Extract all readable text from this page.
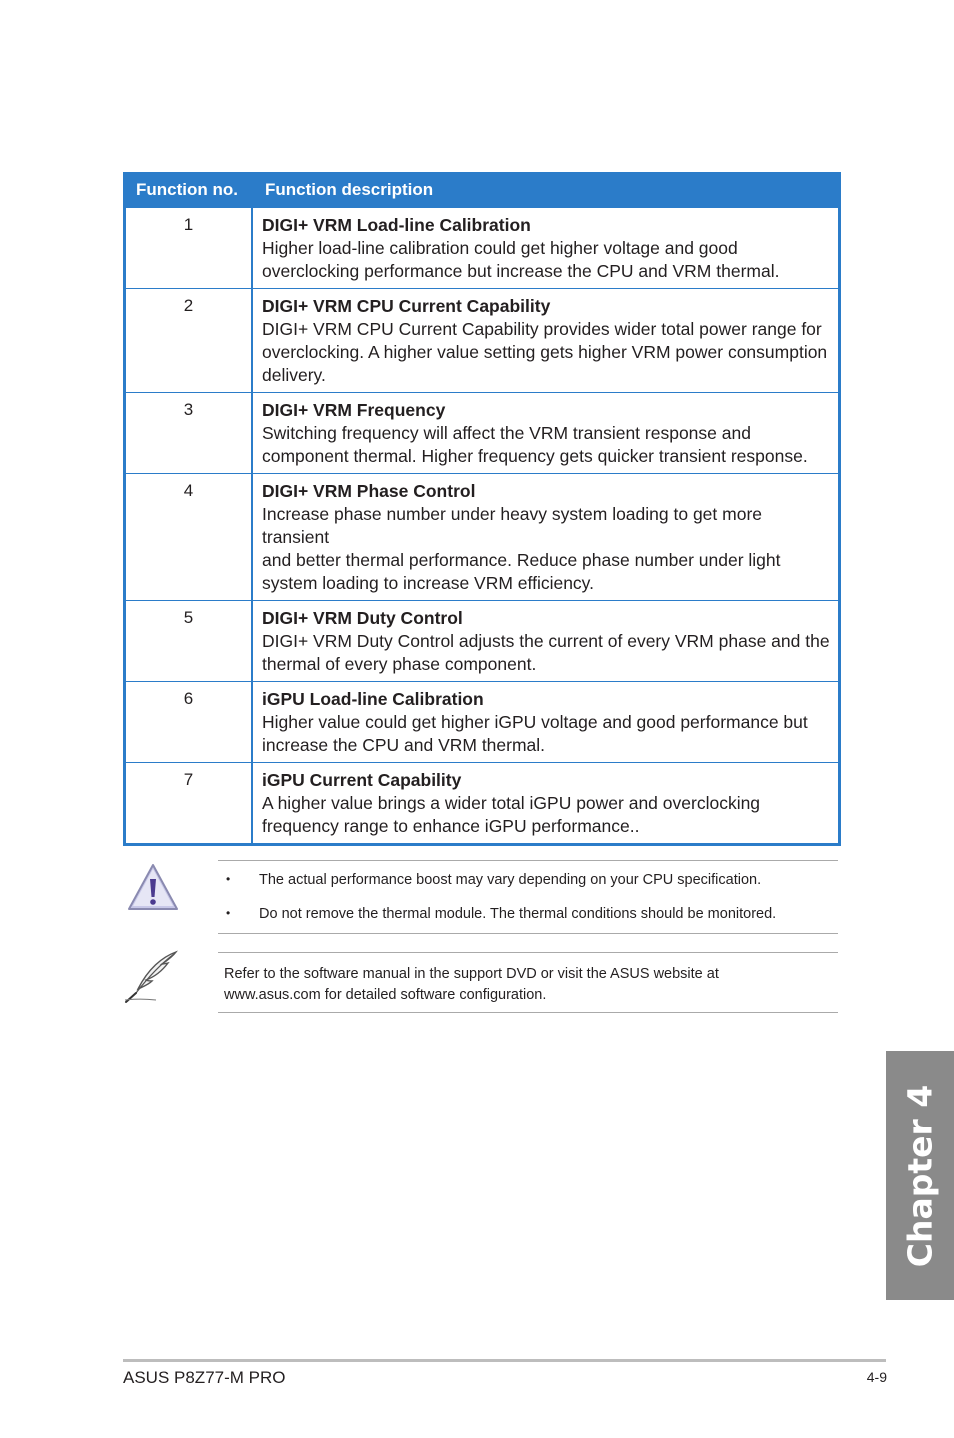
Function no.	Function description
1	DIGI+ VRM Load-line Calibration
Higher load-line calibration could get higher voltage and good
overclocking performance but increase the CPU and VRM thermal.
2	DIGI+ VRM CPU Current Capability
DIGI+ VRM CPU Current Capability provides wider total power range for
overclocking. A higher value setting gets higher VRM power consumption
delivery.
3	DIGI+ VRM Frequency
Switching frequency will affect the VRM transient response and
component thermal. Higher frequency gets quicker transient response.
4	DIGI+ VRM Phase Control
Increase phase number under heavy system loading to get more transient
and better thermal performance. Reduce phase number under light
system loading to increase VRM efficiency.
5	DIGI+ VRM Duty Control
DIGI+ VRM Duty Control adjusts the current of every VRM phase and the
thermal of every phase component.
6	iGPU Load-line Calibration
Higher value could get higher iGPU voltage and good performance but
increase the CPU and VRM thermal.
7	iGPU Current Capability
A higher value brings a wider total iGPU power and overclocking
frequency range to enhance iGPU performance..
• The actual performance boost may vary depending on your CPU specification.
• Do not remove the thermal module. The thermal conditions should be monitored.
Refer to the software manual in the support DVD or visit the ASUS website at
www.asus.com for detailed software configuration.
Chapter 4
ASUS P8Z77-M PRO	4-9
